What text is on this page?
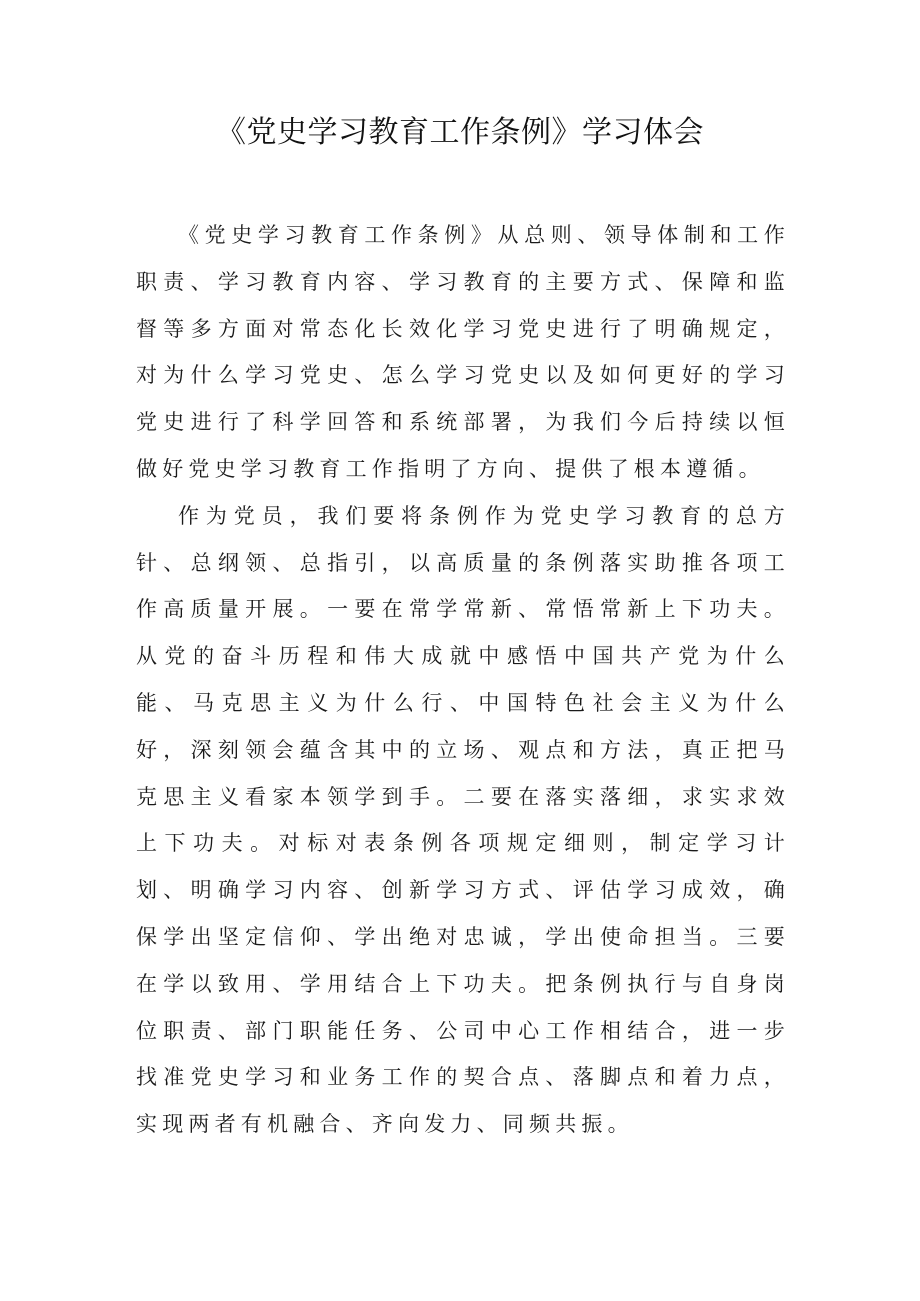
《党史学习教育工作条例》学习体会

《党史学习教育工作条例》从总则、领导体制和工作职责、学习教育内容、学习教育的主要方式、保障和监督等多方面对常态化长效化学习党史进行了明确规定，对为什么学习党史、怎么学习党史以及如何更好的学习党史进行了科学回答和系统部署，为我们今后持续以恒做好党史学习教育工作指明了方向、提供了根本遵循。

作为党员，我们要将条例作为党史学习教育的总方针、总纲领、总指引，以高质量的条例落实助推各项工作高质量开展。一要在常学常新、常悟常新上下功夫。从党的奋斗历程和伟大成就中感悟中国共产党为什么能、马克思主义为什么行、中国特色社会主义为什么好，深刻领会蕴含其中的立场、观点和方法，真正把马克思主义看家本领学到手。二要在落实落细，求实求效上下功夫。对标对表条例各项规定细则，制定学习计划、明确学习内容、创新学习方式、评估学习成效，确保学出坚定信仰、学出绝对忠诚，学出使命担当。三要在学以致用、学用结合上下功夫。把条例执行与自身岗位职责、部门职能任务、公司中心工作相结合，进一步找准党史学习和业务工作的契合点、落脚点和着力点，实现两者有机融合、齐向发力、同频共振。
